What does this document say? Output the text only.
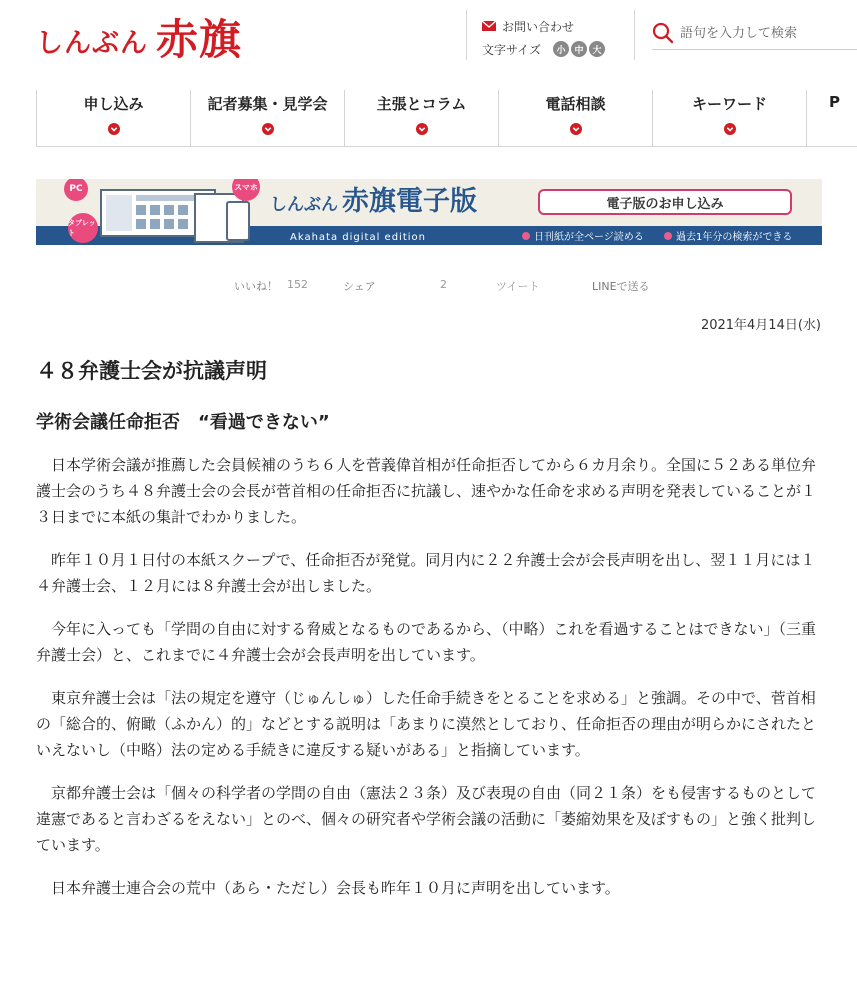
しんぶん 赤旗	お問い合わせ
文字サイズ	小 中 大
語句を入力して検索
申し込み	記者募集・見学会	主張とコラム	電話相談	キーワード	P
PC
タブレット
スマホ
しんぶん 赤旗電子版
Akahata digital edition
電子版のお申し込み
日刊紙が全ページ読める	過去1年分の検索ができる
いいね！ 152	シェア	2	ツイート	LINEで送る
2021年4月14日(水)
４８弁護士会が抗議声明
学術会議任命拒否　“看過できない”

日本学術会議が推薦した会員候補のうち６人を菅義偉首相が任命拒否してから６カ月余り。全国に５２ある単位弁護士会のうち４８弁護士会の会長が菅首相の任命拒否に抗議し、速やかな任命を求める声明を発表していることが１３日までに本紙の集計でわかりました。

昨年１０月１日付の本紙スクープで、任命拒否が発覚。同月内に２２弁護士会が会長声明を出し、翌１１月には１４弁護士会、１２月には８弁護士会が出しました。

今年に入っても「学問の自由に対する脅威となるものであるから、（中略）これを看過することはできない」（三重弁護士会）と、これまでに４弁護士会が会長声明を出しています。

東京弁護士会は「法の規定を遵守（じゅんしゅ）した任命手続きをとることを求める」と強調。その中で、菅首相の「総合的、俯瞰（ふかん）的」などとする説明は「あまりに漠然としており、任命拒否の理由が明らかにされたといえないし（中略）法の定める手続きに違反する疑いがある」と指摘しています。

京都弁護士会は「個々の科学者の学問の自由（憲法２３条）及び表現の自由（同２１条）をも侵害するものとして違憲であると言わざるをえない」とのべ、個々の研究者や学術会議の活動に「萎縮効果を及ぼすもの」と強く批判しています。

日本弁護士連合会の荒中（あら・ただし）会長も昨年１０月に声明を出しています。
